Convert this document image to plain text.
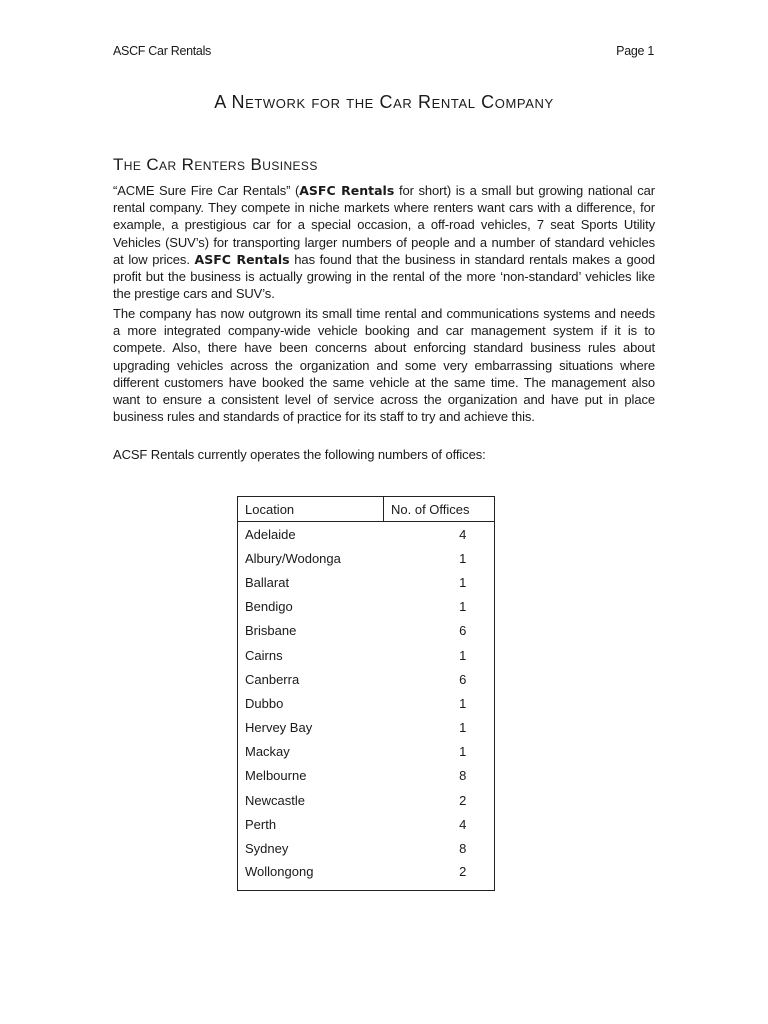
ASCF Car Rentals	Page 1
A Network for the Car Rental Company
The Car Renters Business

“ACME Sure Fire Car Rentals” (ASFC Rentals for short) is a small but growing national car rental company. They compete in niche markets where renters want cars with a difference, for example, a prestigious car for a special occasion, a off-road vehicles, 7 seat Sports Utility Vehicles (SUV’s) for transporting larger numbers of people and a number of standard vehicles at low prices. ASFC Rentals has found that the business in standard rentals makes a good profit but the business is actually growing in the rental of the more ‘non-standard’ vehicles like the prestige cars and SUV’s.

The company has now outgrown its small time rental and communications systems and needs a more integrated company-wide vehicle booking and car management system if it is to compete. Also, there have been concerns about enforcing standard business rules about upgrading vehicles across the organization and some very embarrassing situations where different customers have booked the same vehicle at the same time. The management also want to ensure a consistent level of service across the organization and have put in place business rules and standards of practice for its staff to try and achieve this.

ACSF Rentals currently operates the following numbers of offices:

Location	No. of Offices
Adelaide	4
Albury/Wodonga	1
Ballarat	1
Bendigo	1
Brisbane	6
Cairns	1
Canberra	6
Dubbo	1
Hervey Bay	1
Mackay	1
Melbourne	8
Newcastle	2
Perth	4
Sydney	8
Wollongong	2
